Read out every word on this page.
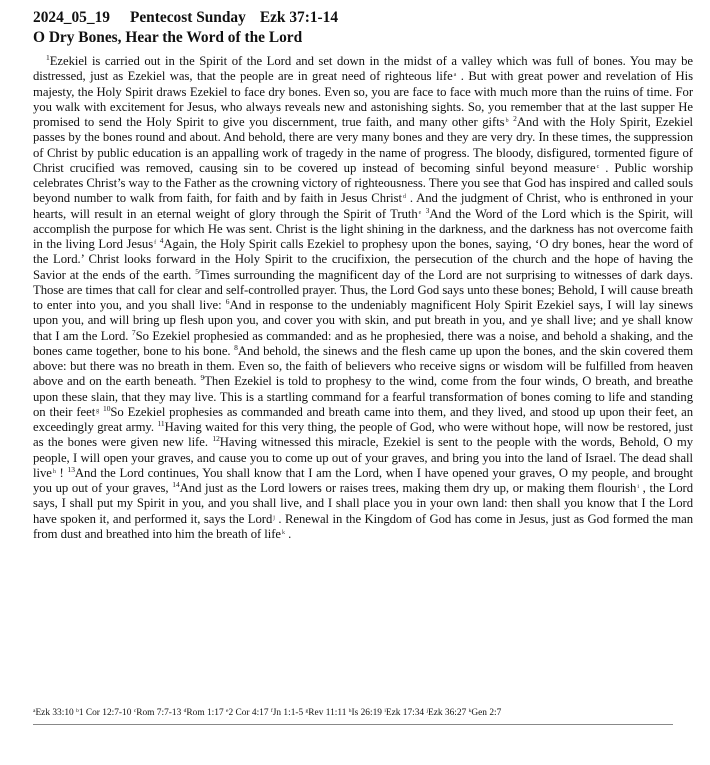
2024_05_19 Pentecost Sunday Ezk 37:1-14

O Dry Bones, Hear the Word of the Lord

$^1$Ezekiel is carried out in the Spirit of the Lord and set down in the midst of a valley which was full of bones. You may be distressed, just as Ezekiel was, that the people are in great need of righteous life$^a$ . But with great power and revelation of His majesty, the Holy Spirit draws Ezekiel to face dry bones. Even so, you are face to face with much more than the ruins of time. For you walk with excitement for Jesus, who always reveals new and astonishing sights. So, you remember that at the last supper He promised to send the Holy Spirit to give you discernment, true faith, and many other gifts$^b$ $^2$And with the Holy Spirit, Ezekiel passes by the bones round and about. And behold, there are very many bones and they are very dry. In these times, the suppression of Christ by public education is an appalling work of tragedy in the name of progress. The bloody, disfigured, tormented figure of Christ crucified was removed, causing sin to be covered up instead of becoming sinful beyond measure$^c$ . Public worship celebrates Christ’s way to the Father as the crowning victory of righteousness. There you see that God has inspired and called souls beyond number to walk from faith, for faith and by faith in Jesus Christ$^d$ . And the judgment of Christ, who is enthroned in your hearts, will result in an eternal weight of glory through the Spirit of Truth$^e$ $^3$And the Word of the Lord which is the Spirit, will accomplish the purpose for which He was sent. Christ is the light shining in the darkness, and the darkness has not overcome faith in the living Lord Jesus$^f$ $^4$Again, the Holy Spirit calls Ezekiel to prophesy upon the bones, saying, ‘O dry bones, hear the word of the Lord.’ Christ looks forward in the Holy Spirit to the crucifixion, the persecution of the church and the hope of having the Savior at the ends of the earth. $^5$Times surrounding the magnificent day of the Lord are not surprising to witnesses of dark days. Those are times that call for clear and self-controlled prayer. Thus, the Lord God says unto these bones; Behold, I will cause breath to enter into you, and you shall live: $^6$And in response to the undeniably magnificent Holy Spirit Ezekiel says, I will lay sinews upon you, and will bring up flesh upon you, and cover you with skin, and put breath in you, and ye shall live; and ye shall know that I am the Lord. $^7$So Ezekiel prophesied as commanded: and as he prophesied, there was a noise, and behold a shaking, and the bones came together, bone to his bone. $^8$And behold, the sinews and the flesh came up upon the bones, and the skin covered them above: but there was no breath in them. Even so, the faith of believers who receive signs or wisdom will be fulfilled from heaven above and on the earth beneath. $^9$Then Ezekiel is told to prophesy to the wind, come from the four winds, O breath, and breathe upon these slain, that they may live. This is a startling command for a fearful transformation of bones coming to life and standing on their feet$^g$ $^{10}$So Ezekiel prophesies as commanded and breath came into them, and they lived, and stood up upon their feet, an exceedingly great army. $^{11}$Having waited for this very thing, the people of God, who were without hope, will now be restored, just as the bones were given new life. $^{12}$Having witnessed this miracle, Ezekiel is sent to the people with the words, Behold, O my people, I will open your graves, and cause you to come up out of your graves, and bring you into the land of Israel. The dead shall live$^h$ ! $^{13}$And the Lord continues, You shall know that I am the Lord, when I have opened your graves, O my people, and brought you up out of your graves, $^{14}$And just as the Lord lowers or raises trees, making them dry up, or making them flourish$^i$ , the Lord says, I shall put my Spirit in you, and you shall live, and I shall place you in your own land: then shall you know that I the Lord have spoken it, and performed it, says the Lord$^j$ . Renewal in the Kingdom of God has come in Jesus, just as God formed the man from dust and breathed into him the breath of life$^k$ .

$^a$Ezk 33:10 $^b$1 Cor 12:7-10 $^c$Rom 7:7-13 $^d$Rom 1:17 $^e$2 Cor 4:17 $^f$Jn 1:1-5 $^g$Rev 11:11 $^h$Is 26:19 $^i$Ezk 17:34 $^j$Ezk 36:27 $^k$Gen 2:7
